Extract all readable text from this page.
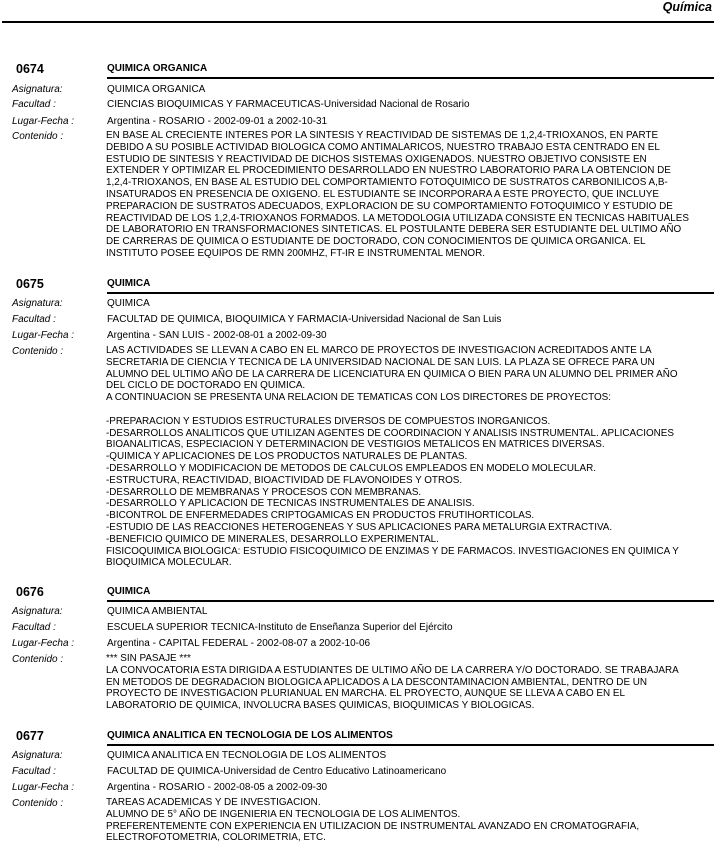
Química
0674	QUIMICA ORGANICA
Asignatura:	QUIMICA ORGANICA
Facultad :	CIENCIAS BIOQUIMICAS Y FARMACEUTICAS-Universidad Nacional de Rosario
Lugar-Fecha :	Argentina - ROSARIO - 2002-09-01 a 2002-10-31
Contenido :	EN BASE AL CRECIENTE INTERES POR LA SINTESIS Y REACTIVIDAD DE SISTEMAS DE 1,2,4-TRIOXANOS, EN PARTE
DEBIDO A SU POSIBLE ACTIVIDAD BIOLOGICA COMO ANTIMALARICOS, NUESTRO TRABAJO ESTA CENTRADO EN EL
ESTUDIO DE SINTESIS Y REACTIVIDAD DE DICHOS SISTEMAS OXIGENADOS. NUESTRO OBJETIVO CONSISTE EN
EXTENDER Y OPTIMIZAR EL PROCEDIMIENTO DESARROLLADO EN NUESTRO LABORATORIO PARA LA OBTENCION DE
1,2,4-TRIOXANOS, EN BASE AL ESTUDIO DEL COMPORTAMIENTO FOTOQUIMICO DE SUSTRATOS CARBONILICOS A,B-
INSATURADOS EN PRESENCIA DE OXIGENO. EL ESTUDIANTE SE INCORPORARA A ESTE PROYECTO, QUE INCLUYE
PREPARACION DE SUSTRATOS ADECUADOS, EXPLORACION DE SU COMPORTAMIENTO FOTOQUIMICO Y ESTUDIO DE
REACTIVIDAD DE LOS 1,2,4-TRIOXANOS FORMADOS. LA METODOLOGIA UTILIZADA CONSISTE EN TECNICAS HABITUALES
DE LABORATORIO EN TRANSFORMACIONES SINTETICAS. EL POSTULANTE DEBERA SER ESTUDIANTE DEL ULTIMO AÑO
DE CARRERAS DE QUIMICA O ESTUDIANTE DE DOCTORADO, CON CONOCIMIENTOS DE QUIMICA ORGANICA. EL
INSTITUTO POSEE EQUIPOS DE RMN 200MHZ, FT-IR E INSTRUMENTAL MENOR.
0675	QUIMICA
Asignatura:	QUIMICA
Facultad :	FACULTAD DE QUIMICA, BIOQUIMICA Y FARMACIA-Universidad Nacional de San Luis
Lugar-Fecha :	Argentina - SAN LUIS - 2002-08-01 a 2002-09-30
Contenido :	LAS ACTIVIDADES SE LLEVAN A CABO EN EL MARCO DE PROYECTOS DE INVESTIGACION ACREDITADOS ANTE LA
SECRETARIA DE CIENCIA Y TECNICA DE LA UNIVERSIDAD NACIONAL DE SAN LUIS. LA PLAZA SE OFRECE PARA UN
ALUMNO DEL ULTIMO AÑO DE LA CARRERA DE LICENCIATURA EN QUIMICA O BIEN PARA UN ALUMNO DEL PRIMER AÑO
DEL CICLO DE DOCTORADO EN QUIMICA.
A CONTINUACION SE PRESENTA UNA RELACION DE TEMATICAS CON LOS DIRECTORES DE PROYECTOS:

-PREPARACION Y ESTUDIOS ESTRUCTURALES DIVERSOS DE COMPUESTOS INORGANICOS.
-DESARROLLOS ANALITICOS QUE UTILIZAN AGENTES DE COORDINACION Y ANALISIS INSTRUMENTAL. APLICACIONES
BIOANALITICAS, ESPECIACION Y DETERMINACION DE VESTIGIOS METALICOS EN MATRICES DIVERSAS.
-QUIMICA Y APLICACIONES DE LOS PRODUCTOS NATURALES DE PLANTAS.
-DESARROLLO Y MODIFICACION DE METODOS DE CALCULOS EMPLEADOS EN MODELO MOLECULAR.
-ESTRUCTURA, REACTIVIDAD, BIOACTIVIDAD DE FLAVONOIDES Y OTROS.
-DESARROLLO DE MEMBRANAS Y PROCESOS CON MEMBRANAS.
-DESARROLLO Y APLICACION DE TECNICAS INSTRUMENTALES DE ANALISIS.
-BICONTROL DE ENFERMEDADES CRIPTOGAMICAS EN PRODUCTOS FRUTIHORTICOLAS.
-ESTUDIO DE LAS REACCIONES HETEROGENEAS Y SUS APLICACIONES PARA METALURGIA EXTRACTIVA.
-BENEFICIO QUIMICO DE MINERALES, DESARROLLO EXPERIMENTAL.
FISICOQUIMICA BIOLOGICA: ESTUDIO FISICOQUIMICO DE ENZIMAS Y DE FARMACOS. INVESTIGACIONES EN QUIMICA Y
BIOQUIMICA MOLECULAR.
0676	QUIMICA
Asignatura:	QUIMICA AMBIENTAL
Facultad :	ESCUELA SUPERIOR TECNICA-Instituto de Enseñanza Superior del Ejército
Lugar-Fecha :	Argentina - CAPITAL FEDERAL - 2002-08-07 a 2002-10-06
Contenido :	*** SIN PASAJE ***
LA CONVOCATORIA ESTA DIRIGIDA A ESTUDIANTES DE ULTIMO AÑO DE LA CARRERA Y/O DOCTORADO. SE TRABAJARA
EN METODOS DE DEGRADACION BIOLOGICA APLICADOS A LA DESCONTAMINACION AMBIENTAL, DENTRO DE UN
PROYECTO DE INVESTIGACION PLURIANUAL EN MARCHA. EL PROYECTO, AUNQUE SE LLEVA A CABO EN EL
LABORATORIO DE QUIMICA, INVOLUCRA BASES QUIMICAS, BIOQUIMICAS Y BIOLOGICAS.
0677	QUIMICA ANALITICA EN TECNOLOGIA DE LOS ALIMENTOS
Asignatura:	QUIMICA ANALITICA EN TECNOLOGIA DE LOS ALIMENTOS
Facultad :	FACULTAD DE QUIMICA-Universidad de Centro Educativo Latinoamericano
Lugar-Fecha :	Argentina - ROSARIO - 2002-08-05 a 2002-09-30
Contenido :	TAREAS ACADEMICAS Y DE INVESTIGACION.
ALUMNO DE 5° AÑO DE INGENIERIA EN TECNOLOGIA DE LOS ALIMENTOS.
PREFERENTEMENTE CON EXPERIENCIA EN UTILIZACION DE INSTRUMENTAL AVANZADO EN CROMATOGRAFIA,
ELECTROFOTOMETRIA, COLORIMETRIA, ETC.
